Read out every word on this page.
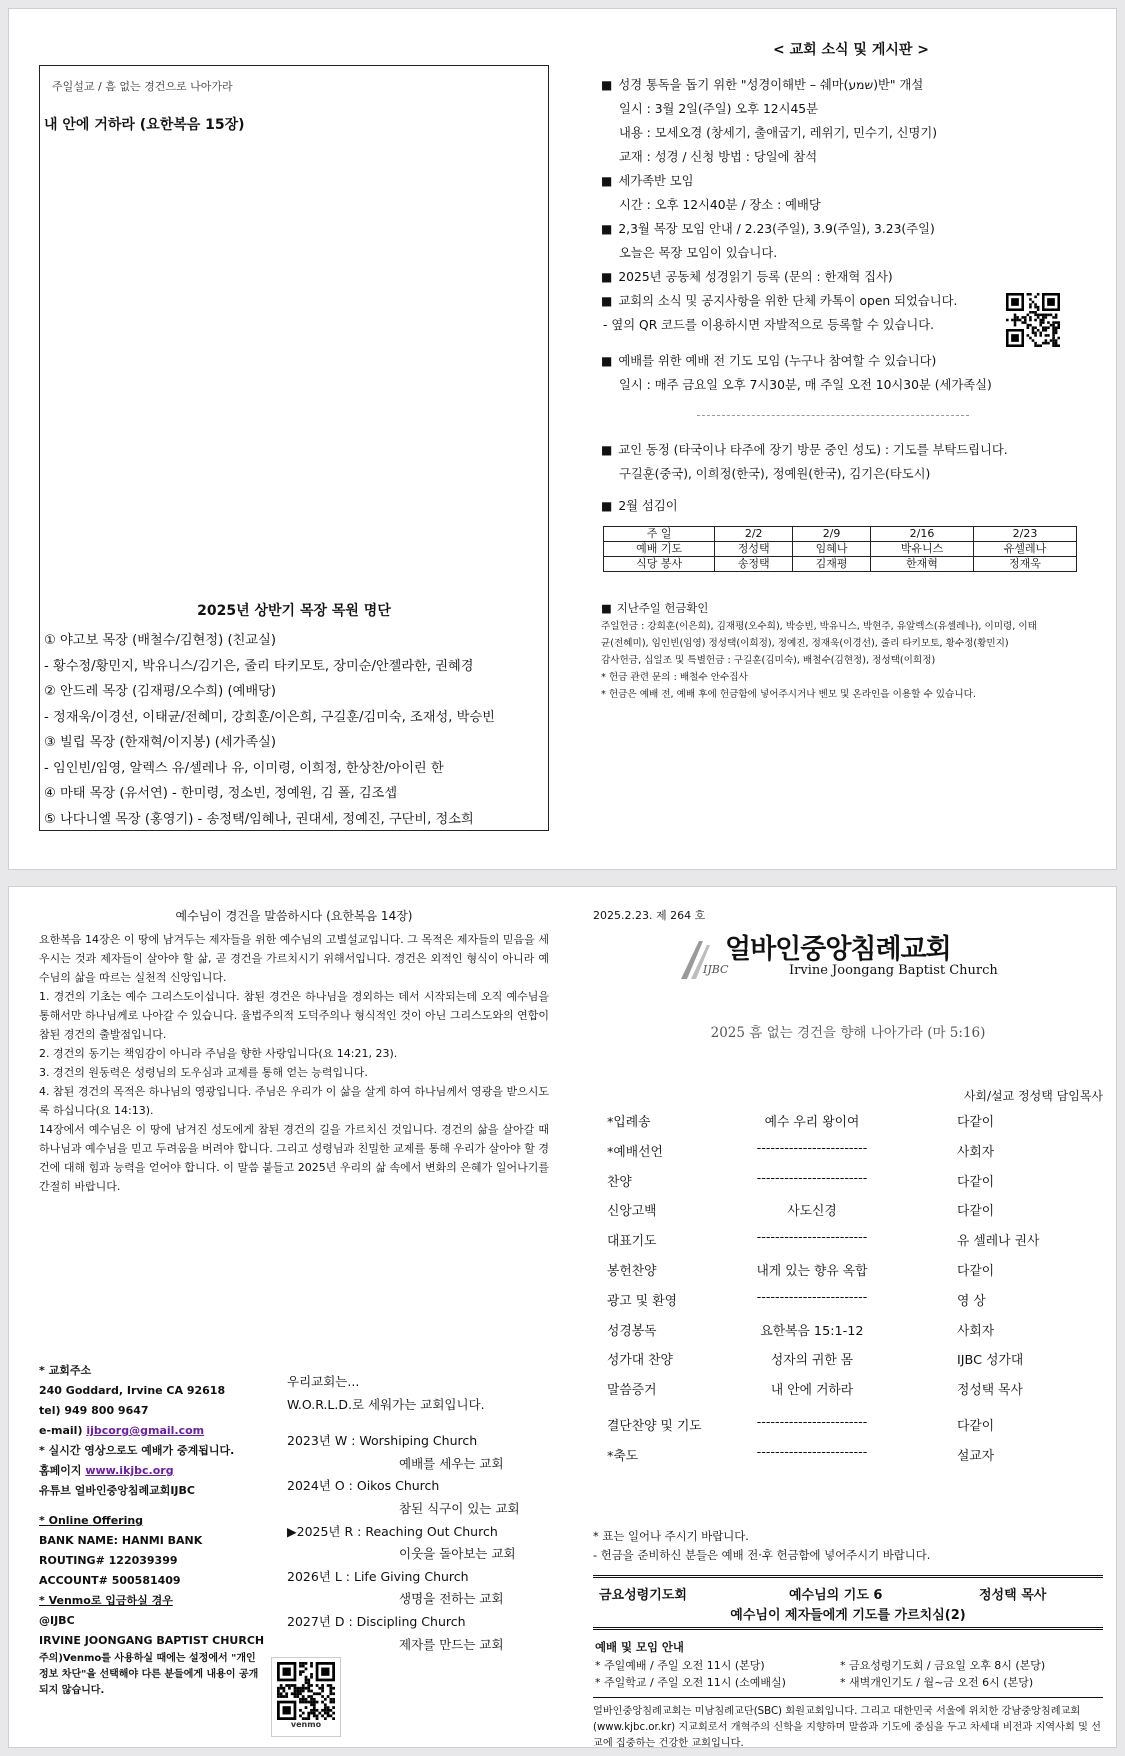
주일설교 / 흠 없는 경건으로 나아가라
내 안에 거하라 (요한복음 15장)
2025년 상반기 목장 목원 명단
① 야고보 목장 (배철수/김현정) (친교실)
- 황수정/황민지, 박유니스/김기은, 줄리 타키모토, 장미순/안젤라한, 권혜경
② 안드레 목장 (김재평/오수희) (예배당)
- 정재욱/이경선, 이태균/전혜미, 강희훈/이은희, 구길훈/김미숙, 조재성, 박승빈
③ 빌립 목장 (한재혁/이지봉) (세가족실)
- 임인빈/임영, 알렉스 유/셀레나 유, 이미령, 이희정, 한상찬/아이린 한
④ 마태 목장 (유서연) - 한미령, 정소빈, 정예원, 김 폴, 김조셉
⑤ 나다니엘 목장 (홍영기) - 송정택/임혜나, 권대세, 정예진, 구단비, 정소희
< 교회 소식 및 게시판 >
■ 성경 통독을 돕기 위한 "성경이해반 – 쉐마(שמע)반" 개설
일시 : 3월 2일(주일) 오후 12시45분
내용 : 모세오경 (창세기, 출애굽기, 레위기, 민수기, 신명기)
교재 : 성경 / 신청 방법 : 당일에 참석
■ 세가족반 모임
시간 : 오후 12시40분 / 장소 : 예배당
■ 2,3월 목장 모임 안내 / 2.23(주일), 3.9(주일), 3.23(주일)
오늘은 목장 모임이 있습니다.
■ 2025년 공동체 성경읽기 등록 (문의 : 한재혁 집사)
■ 교회의 소식 및 공지사항을 위한 단체 카톡이 open 되었습니다.
- 옆의 QR 코드를 이용하시면 자발적으로 등록할 수 있습니다.
■ 예배를 위한 예배 전 기도 모임 (누구나 참여할 수 있습니다)
일시 : 매주 금요일 오후 7시30분, 매 주일 오전 10시30분 (세가족실)
■ 교인 동정 (타국이나 타주에 장기 방문 중인 성도) : 기도를 부탁드립니다.
구길훈(중국), 이희정(한국), 정예원(한국), 김기은(타도시)
■ 2월 섬김이
주 일	2/2	2/9	2/16	2/23
예배 기도	정성택	임혜나	박유니스	유셀레나
식당 봉사	송정택	김재평	한재혁	정재욱
■ 지난주일 헌금확인
주일헌금 : 강희훈(이은희), 김재평(오수희), 박승빈, 박유니스, 박현주, 유알렉스(유셀레나), 이미령, 이태
균(전혜미), 임인빈(임영) 정성택(이희정), 정예진, 정재욱(이경선), 줄리 타키모토, 황수정(황민지)
감사헌금, 십일조 및 특별헌금 : 구길훈(김미숙), 배철수(김현정), 정성택(이희정)
* 헌금 관련 문의 : 배철수 안수집사
* 헌금은 예배 전, 예배 후에 헌금함에 넣어주시거나 벤모 및 온라인을 이용할 수 있습니다.
예수님이 경건을 말씀하시다 (요한복음 14장)

요한복음 14장은 이 땅에 남겨두는 제자들을 위한 예수님의 고별설교입니다. 그 목적은 제자들의 믿음을 세우시는 것과 제자들이 살아야 할 삶, 곧 경건을 가르치시기 위해서입니다. 경건은 외적인 형식이 아니라 예수님의 삶을 따르는 실천적 신앙입니다.

1. 경건의 기초는 예수 그리스도이십니다. 참된 경건은 하나님을 경외하는 데서 시작되는데 오직 예수님을 통해서만 하나님께로 나아갈 수 있습니다. 율법주의적 도덕주의나 형식적인 것이 아닌 그리스도와의 연합이 참된 경건의 출발점입니다.

2. 경건의 동기는 책임감이 아니라 주님을 향한 사랑입니다(요 14:21, 23).

3. 경건의 원동력은 성령님의 도우심과 교제를 통해 얻는 능력입니다.

4. 참된 경건의 목적은 하나님의 영광입니다. 주님은 우리가 이 삶을 살게 하여 하나님께서 영광을 받으시도록 하십니다(요 14:13).

14장에서 예수님은 이 땅에 남겨진 성도에게 참된 경건의 길을 가르치신 것입니다. 경건의 삶을 살아갈 때 하나님과 예수님을 믿고 두려움을 버려야 합니다. 그리고 성령님과 친밀한 교제를 통해 우리가 살아야 할 경건에 대해 힘과 능력을 얻어야 합니다. 이 말씀 붙들고 2025년 우리의 삶 속에서 변화의 은혜가 일어나기를 간절히 바랍니다.

* 교회주소
240 Goddard, Irvine CA 92618
tel) 949 800 9647
e-mail) ijbcorg@gmail.com
* 실시간 영상으로도 예배가 중계됩니다.
홈페이지 www.ikjbc.org
유튜브 얼바인중앙침례교회IJBC
* Online Offering
BANK NAME: HANMI BANK
ROUTING# 122039399
ACCOUNT# 500581409
* Venmo로 입금하실 경우
@IJBC
IRVINE JOONGANG BAPTIST CHURCH
주의)Venmo를 사용하실 때에는 설정에서 "개인정보 차단"을 선택해야 다른 분들에게 내용이 공개되지 않습니다.
venmo
우리교회는...
W.O.R.L.D.로 세워가는 교회입니다.
2023년 W : Worshiping Church
예배를 세우는 교회
2024년 O : Oikos Church
참된 식구이 있는 교회
▶2025년 R : Reaching Out Church
이웃을 돌아보는 교회
2026년 L : Life Giving Church
생명을 전하는 교회
2027년 D : Discipling Church
제자를 만드는 교회
2025.2.23. 제 264 호
IJBC
얼바인중앙침례교회
Irvine Joongang Baptist Church
2025 흠 없는 경건을 향해 나아가라 (마 5:16)
사회/설교 정성택 담임목사
*입례송	예수 우리 왕이여	다같이
*예배선언	------------------------	사회자
찬양	------------------------	다같이
신앙고백	사도신경	다같이
대표기도	------------------------	유 셀레나 권사
봉헌찬양	내게 있는 향유 옥합	다같이
광고 및 환영	------------------------	영 상
성경봉독	요한복음 15:1-12	사회자
성가대 찬양	성자의 귀한 몸	IJBC 성가대
말씀증거	내 안에 거하라	정성택 목사
결단찬양 및 기도	------------------------	다같이
*축도	------------------------	설교자
* 표는 일어나 주시기 바랍니다.
- 헌금을 준비하신 분들은 예배 전·후 헌금함에 넣어주시기 바랍니다.
금요성령기도회	예수님의 기도 6	정성택 목사
예수님이 제자들에게 기도를 가르치심(2)
예배 및 모임 안내
* 주일예배 / 주일 오전 11시 (본당)	* 금요성령기도회 / 금요일 오후 8시 (본당)
* 주일학교 / 주일 오전 11시 (소예배실)	* 새벽개인기도 / 월~금 오전 6시 (본당)
얼바인중앙침례교회는 미남침례교단(SBC) 회원교회입니다. 그리고 대한민국 서울에 위치한 강남중앙침례교회(www.kjbc.or.kr) 지교회로서 개혁주의 신학을 지향하며 말씀과 기도에 중심을 두고 차세대 비전과 지역사회 및 선교에 집중하는 건강한 교회입니다.
